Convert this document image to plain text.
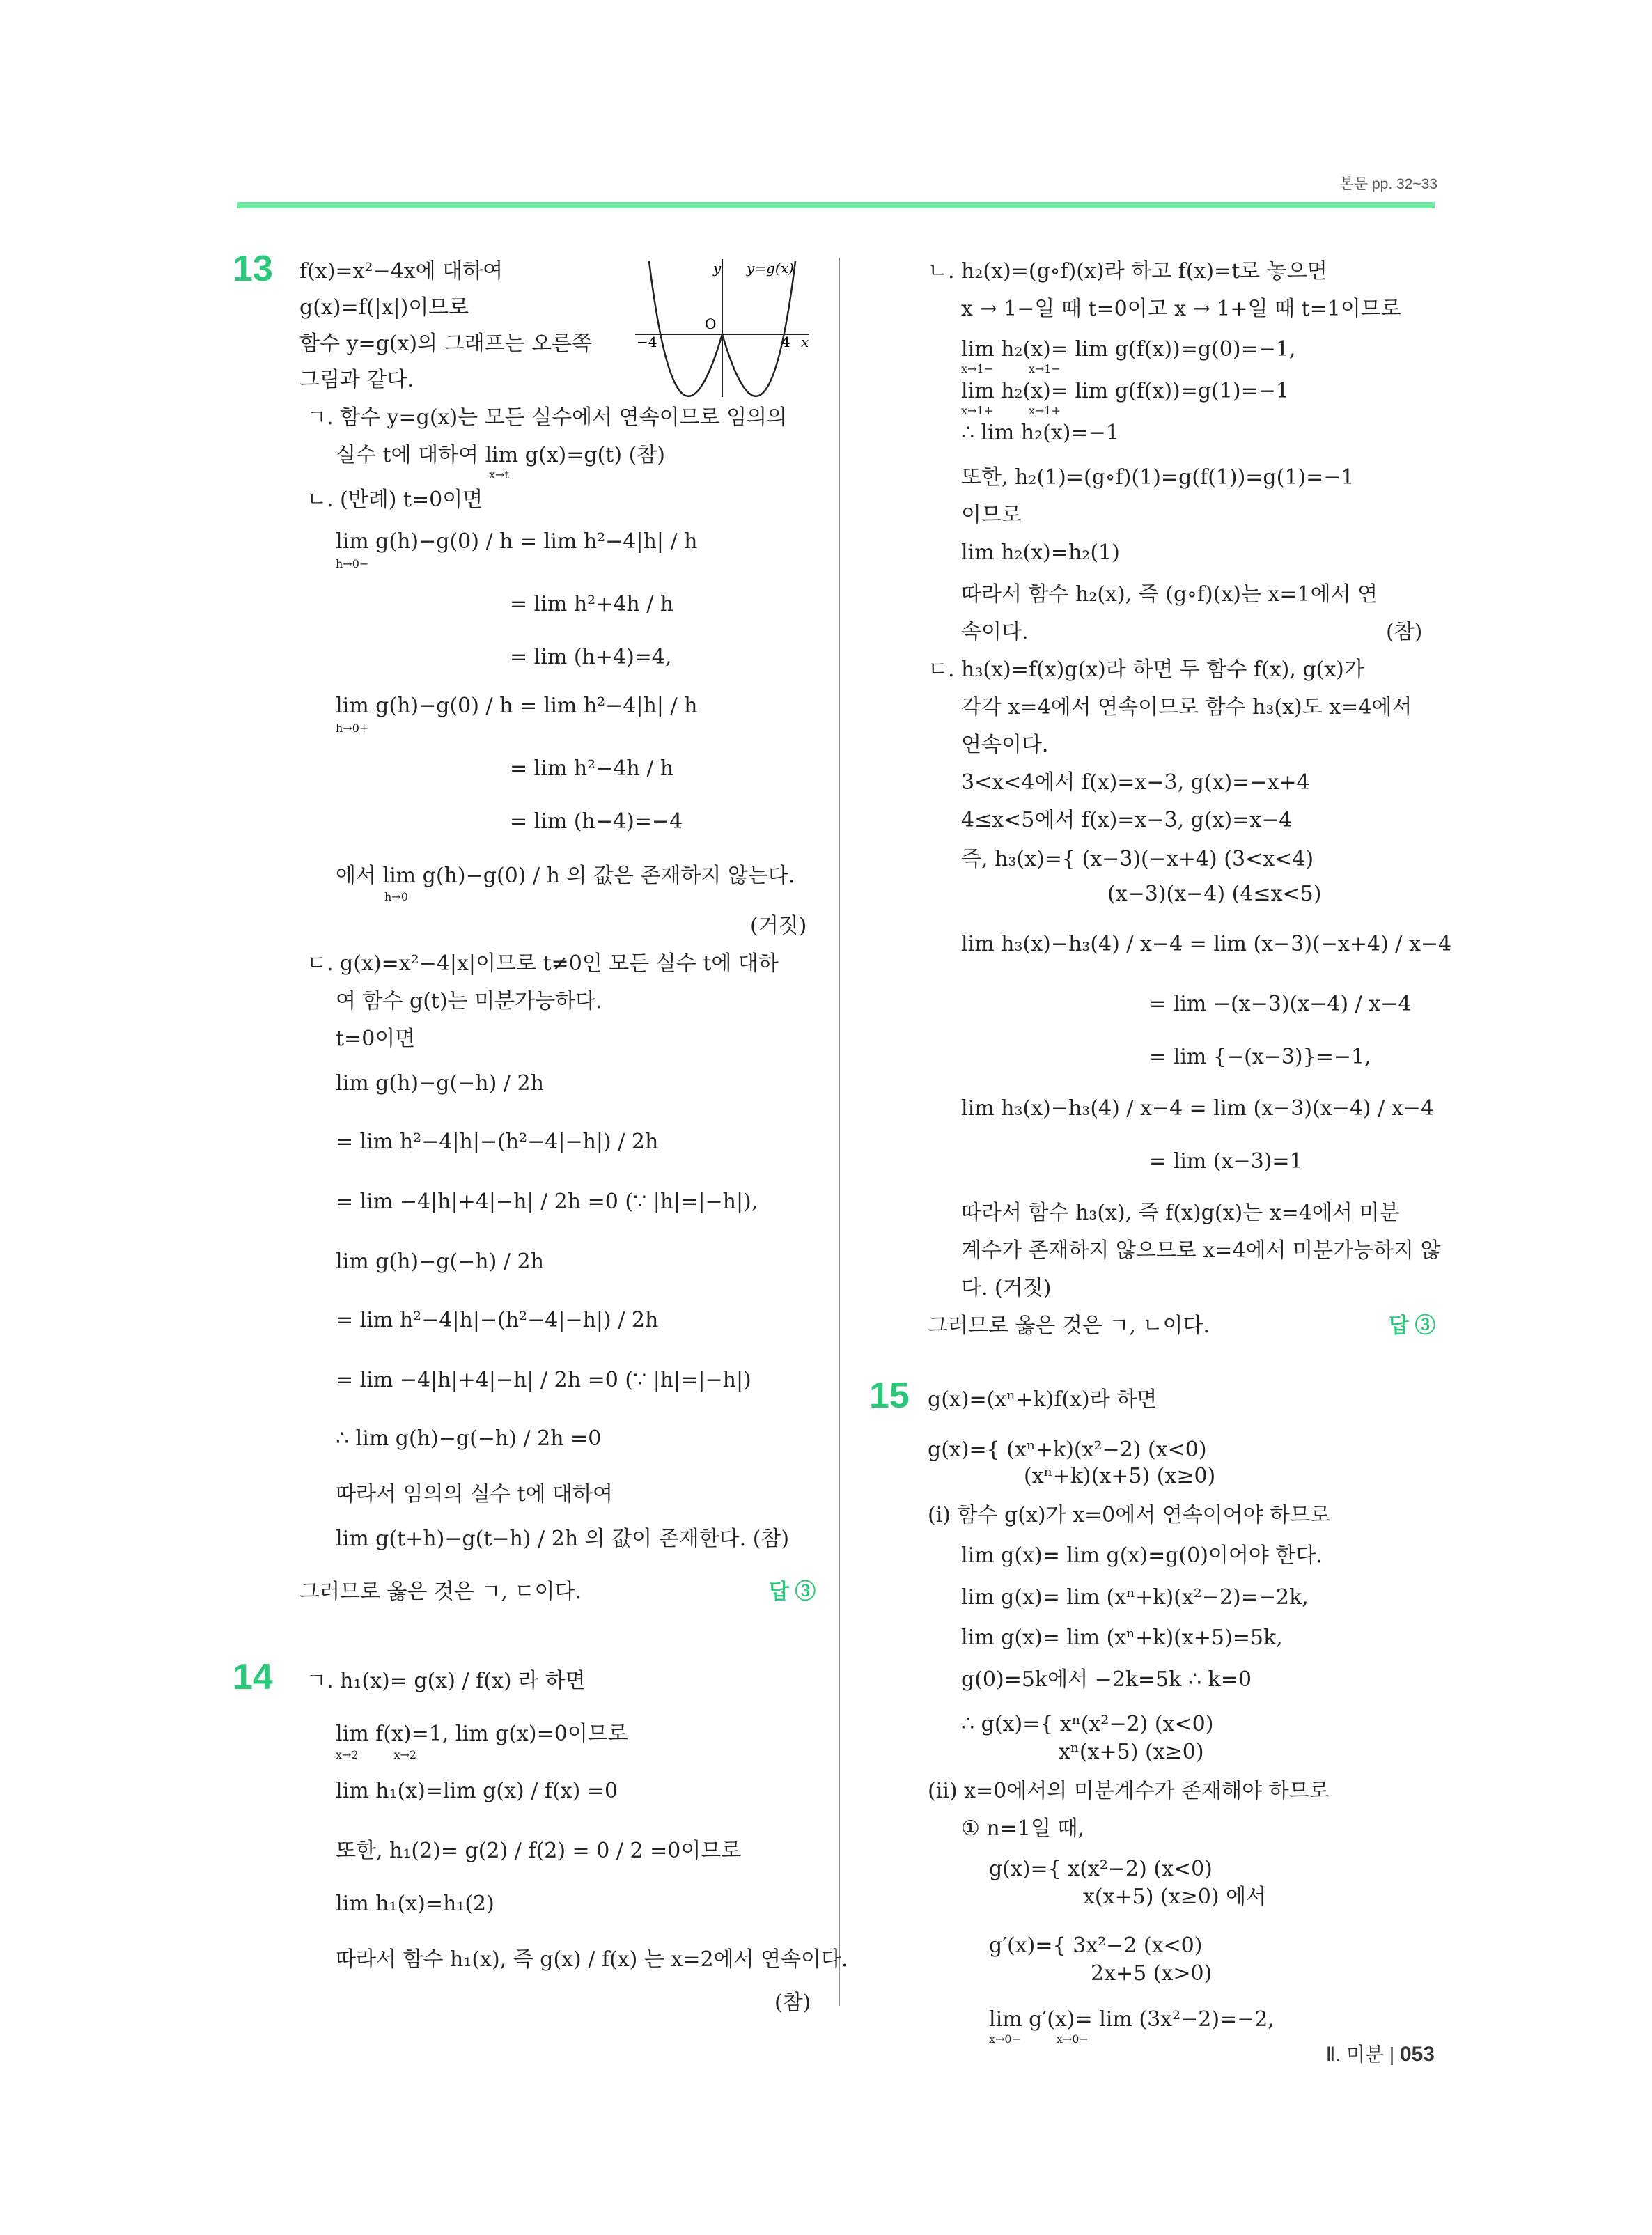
본문 pp. 32~33
13	y y=g(x)
O
−4	4 x
f(x)=x²−4x에 대하여
g(x)=f(|x|)이므로
함수 y=g(x)의 그래프는 오른쪽
그림과 같다.
ㄱ. 함수 y=g(x)는 모든 실수에서 연속이므로 임의의
실수 t에 대하여 lim g(x)=g(t) (참)
x→t
ㄴ. (반례) t=0이면
lim g(h)−g(0) / h = lim h²−4|h| / h
h→0−
= lim h²+4h / h
= lim (h+4)=4,
lim g(h)−g(0) / h = lim h²−4|h| / h
h→0+
= lim h²−4h / h
= lim (h−4)=−4
에서 lim g(h)−g(0) / h 의 값은 존재하지 않는다.
h→0
(거짓)
ㄷ. g(x)=x²−4|x|이므로 t≠0인 모든 실수 t에 대하
여 함수 g(t)는 미분가능하다.
t=0이면
lim g(h)−g(−h) / 2h
= lim h²−4|h|−(h²−4|−h|) / 2h
= lim −4|h|+4|−h| / 2h =0 (∵ |h|=|−h|),
lim g(h)−g(−h) / 2h
= lim h²−4|h|−(h²−4|−h|) / 2h
= lim −4|h|+4|−h| / 2h =0 (∵ |h|=|−h|)
∴ lim g(h)−g(−h) / 2h =0
따라서 임의의 실수 t에 대하여
lim g(t+h)−g(t−h) / 2h 의 값이 존재한다. (참)
그러므로 옳은 것은 ㄱ, ㄷ이다.	답 ③
14 ㄱ. h₁(x)= g(x) / f(x) 라 하면
lim f(x)=1, lim g(x)=0이므로
x→2          x→2
lim h₁(x)=lim g(x) / f(x) =0
또한, h₁(2)= g(2) / f(2) = 0 / 2 =0이므로
lim h₁(x)=h₁(2)
따라서 함수 h₁(x), 즉 g(x) / f(x) 는 x=2에서 연속이다.
(참)
ㄴ. h₂(x)=(g∘f)(x)라 하고 f(x)=t로 놓으면
x → 1−일 때 t=0이고 x → 1+일 때 t=1이므로
lim h₂(x)= lim g(f(x))=g(0)=−1,
x→1−          x→1−
lim h₂(x)= lim g(f(x))=g(1)=−1
x→1+          x→1+
∴ lim h₂(x)=−1
또한, h₂(1)=(g∘f)(1)=g(f(1))=g(1)=−1
이므로
lim h₂(x)=h₂(1)
따라서 함수 h₂(x), 즉 (g∘f)(x)는 x=1에서 연
속이다.	(참)
ㄷ. h₃(x)=f(x)g(x)라 하면 두 함수 f(x), g(x)가
각각 x=4에서 연속이므로 함수 h₃(x)도 x=4에서
연속이다.
3<x<4에서 f(x)=x−3, g(x)=−x+4
4≤x<5에서 f(x)=x−3, g(x)=x−4
즉, h₃(x)={ (x−3)(−x+4) (3<x<4)
(x−3)(x−4) (4≤x<5)
lim h₃(x)−h₃(4) / x−4 = lim (x−3)(−x+4) / x−4
= lim −(x−3)(x−4) / x−4
= lim {−(x−3)}=−1,
lim h₃(x)−h₃(4) / x−4 = lim (x−3)(x−4) / x−4
= lim (x−3)=1
따라서 함수 h₃(x), 즉 f(x)g(x)는 x=4에서 미분
계수가 존재하지 않으므로 x=4에서 미분가능하지 않
다. (거짓)
그러므로 옳은 것은 ㄱ, ㄴ이다.	답 ③
15 g(x)=(xⁿ+k)f(x)라 하면
g(x)={ (xⁿ+k)(x²−2) (x<0)
(xⁿ+k)(x+5) (x≥0)
(ⅰ) 함수 g(x)가 x=0에서 연속이어야 하므로
lim g(x)= lim g(x)=g(0)이어야 한다.
lim g(x)= lim (xⁿ+k)(x²−2)=−2k,
lim g(x)= lim (xⁿ+k)(x+5)=5k,
g(0)=5k에서 −2k=5k ∴ k=0
∴ g(x)={ xⁿ(x²−2) (x<0)
xⁿ(x+5) (x≥0)
(ⅱ) x=0에서의 미분계수가 존재해야 하므로
① n=1일 때,
g(x)={ x(x²−2) (x<0)
x(x+5) (x≥0) 에서
g′(x)={ 3x²−2 (x<0)
2x+5 (x>0)
lim g′(x)= lim (3x²−2)=−2,
x→0−          x→0−
Ⅱ. 미분 | 053
